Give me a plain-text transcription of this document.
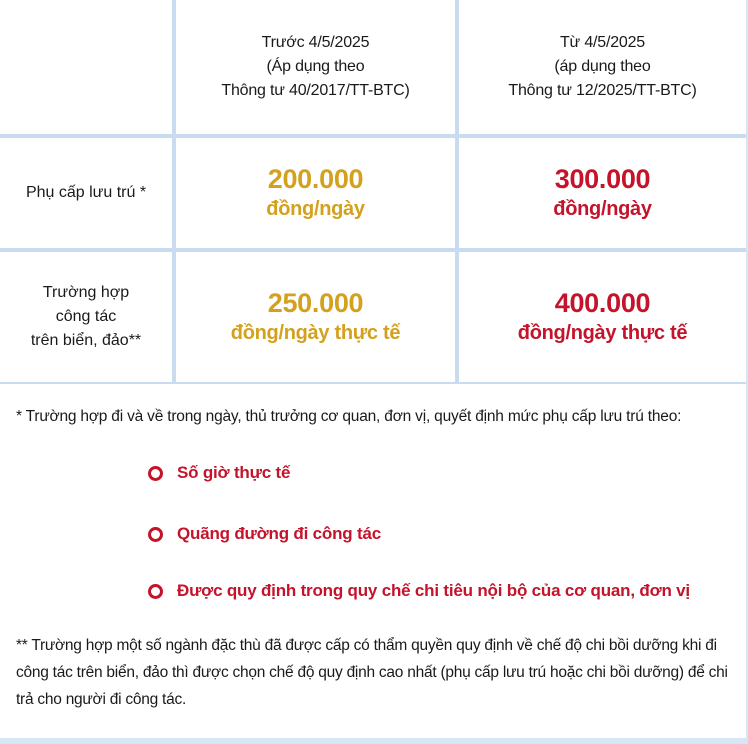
Trước 4/5/2025
(Áp dụng theo
Thông tư 40/2017/TT-BTC)
Từ 4/5/2025
(áp dụng theo
Thông tư 12/2025/TT-BTC)
Phụ cấp lưu trú *	200.000
đồng/ngày
300.000
đồng/ngày
Trường hợp
công tác
trên biển, đảo**
250.000
đồng/ngày thực tế
400.000
đồng/ngày thực tế
* Trường hợp đi và về trong ngày, thủ trưởng cơ quan, đơn vị, quyết định mức phụ cấp lưu trú theo:
Số giờ thực tế
Quãng đường đi công tác
Được quy định trong quy chế chi tiêu nội bộ của cơ quan, đơn vị
** Trường hợp một số ngành đặc thù đã được cấp có thẩm quyền quy định về chế độ chi bồi dưỡng khi đi công tác trên biển, đảo thì được chọn chế độ quy định cao nhất (phụ cấp lưu trú hoặc chi bồi dưỡng) để chi trả cho người đi công tác.
